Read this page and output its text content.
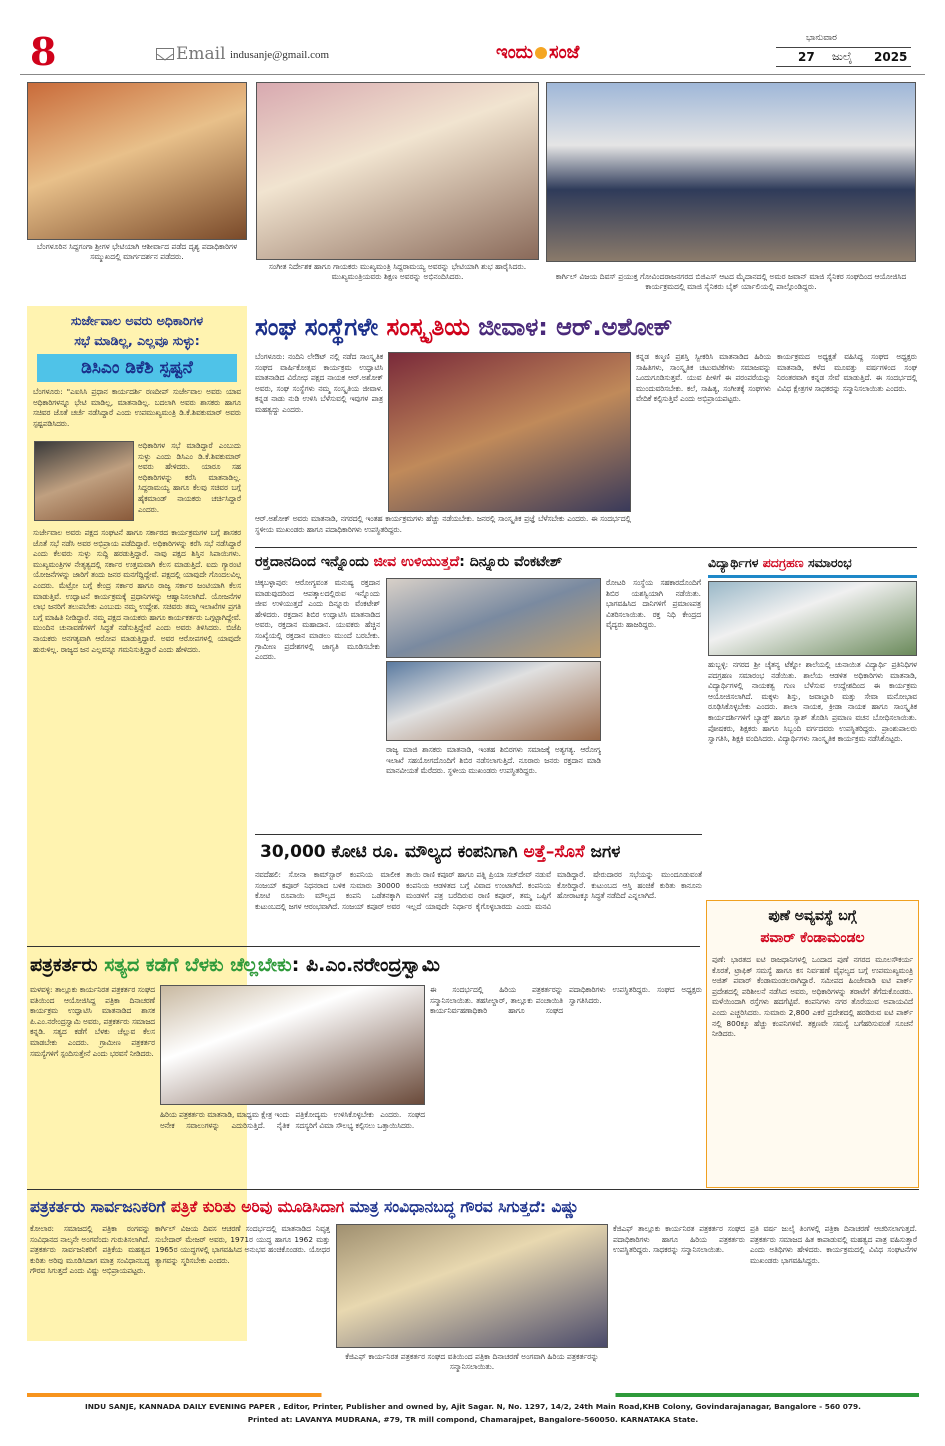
8	Email indusanje@gmail.com	ಇಂದು ಸಂಜೆ
ಭಾನುವಾರ
27 ಜುಲೈ 2025
ಬೆಂಗಳೂರಿನ ಸಿದ್ದಗಂಗಾ ಶ್ರೀಗಳ ಭೇಟಿಯಾಗಿ ಆಶೀರ್ವಾದ ಪಡೆದ ದೃಶ್ಯ ಪದಾಧಿಕಾರಿಗಳ ಸಮ್ಮುಖದಲ್ಲಿ ಮಾರ್ಗದರ್ಶನ ಪಡೆದರು.
ಸಂಗೀತ ನಿರ್ದೇಶಕ ಹಾಗೂ ಗಾಯಕರು ಮುಖ್ಯಮಂತ್ರಿ ಸಿದ್ದರಾಮಯ್ಯ ಅವರನ್ನು ಭೇಟಿಯಾಗಿ ಶುಭ ಹಾರೈಸಿದರು. ಮುಖ್ಯಮಂತ್ರಿಯವರು ಶಿಕ್ಷಣ ಅವರನ್ನು ಅಭಿನಂದಿಸಿದರು.	ಕಾರ್ಗಿಲ್ ವಿಜಯ ದಿವಸ್ ಪ್ರಯುಕ್ತ ಗೋವಿಂದರಾಜನಗರದ ಬಿಜಿಎಸ್ ಆಟದ ಮೈದಾನದಲ್ಲಿ ಅಮರ ಜವಾನ್ ಮಾಜಿ ಸೈನಿಕರ ಸಂಘದಿಂದ ಆಯೋಜಿಸಿದ ಕಾರ್ಯಕ್ರಮದಲ್ಲಿ ಮಾಜಿ ಸೈನಿಕರು ಬೈಕ್ ರ್ಯಾಲಿಯಲ್ಲಿ ಪಾಲ್ಗೊಂಡಿದ್ದರು.
ಸುರ್ಜೇವಾಲ ಅವರು ಅಧಿಕಾರಿಗಳ
ಸಭೆ ಮಾಡಿಲ್ಲ, ಎಲ್ಲವೂ ಸುಳ್ಳು:
ಡಿಸಿಎಂ ಡಿಕೆಶಿ ಸ್ಪಷ್ಟನೆ
ಬೆಂಗಳೂರು: "ಎಐಸಿಸಿ ಪ್ರಧಾನ ಕಾರ್ಯದರ್ಶಿ ರಣದೀಪ್ ಸುರ್ಜೇವಾಲ ಅವರು ಯಾವ ಅಧಿಕಾರಿಗಳನ್ನೂ ಭೇಟಿ ಮಾಡಿಲ್ಲ, ಮಾತನಾಡಿಲ್ಲ. ಬದಲಾಗಿ ಅವರು ಶಾಸಕರು ಹಾಗೂ ಸಚಿವರ ಜೊತೆ ಚರ್ಚೆ ನಡೆಸಿದ್ದಾರೆ ಎಂದು ಉಪಮುಖ್ಯಮಂತ್ರಿ ಡಿ.ಕೆ.ಶಿವಕುಮಾರ್ ಅವರು ಸ್ಪಷ್ಟಪಡಿಸಿದರು.
ಅಧಿಕಾರಿಗಳ ಸಭೆ ಮಾಡಿದ್ದಾರೆ ಎಂಬುದು ಸುಳ್ಳು ಎಂದು ಡಿಸಿಎಂ ಡಿ.ಕೆ.ಶಿವಕುಮಾರ್ ಅವರು ಹೇಳಿದರು. ಯಾರೂ ಸಹ ಅಧಿಕಾರಿಗಳನ್ನು ಕರೆಸಿ ಮಾತನಾಡಿಲ್ಲ. ಸಿದ್ದರಾಮಯ್ಯ ಹಾಗೂ ಕೆಲವು ಸಚಿವರ ಬಗ್ಗೆ ಹೈಕಮಾಂಡ್ ನಾಯಕರು ಚರ್ಚಿಸಿದ್ದಾರೆ ಎಂದರು.
ಸುರ್ಜೇವಾಲ ಅವರು ಪಕ್ಷದ ಸಂಘಟನೆ ಹಾಗೂ ಸರ್ಕಾರದ ಕಾರ್ಯಕ್ರಮಗಳ ಬಗ್ಗೆ ಶಾಸಕರ ಜೊತೆ ಸಭೆ ನಡೆಸಿ ಅವರ ಅಭಿಪ್ರಾಯ ಪಡೆದಿದ್ದಾರೆ. ಅಧಿಕಾರಿಗಳನ್ನು ಕರೆಸಿ ಸಭೆ ನಡೆಸಿದ್ದಾರೆ ಎಂದು ಕೆಲವರು ಸುಳ್ಳು ಸುದ್ದಿ ಹರಡುತ್ತಿದ್ದಾರೆ. ನಾವು ಪಕ್ಷದ ಶಿಸ್ತಿನ ಸಿಪಾಯಿಗಳು. ಮುಖ್ಯಮಂತ್ರಿಗಳ ನೇತೃತ್ವದಲ್ಲಿ ಸರ್ಕಾರ ಉತ್ತಮವಾಗಿ ಕೆಲಸ ಮಾಡುತ್ತಿದೆ. ಐದು ಗ್ಯಾರಂಟಿ ಯೋಜನೆಗಳನ್ನು ಜಾರಿಗೆ ತಂದು ಜನರ ಮನಗೆದ್ದಿದ್ದೇವೆ. ಪಕ್ಷದಲ್ಲಿ ಯಾವುದೇ ಗೊಂದಲವಿಲ್ಲ ಎಂದರು. ಮೆಟ್ರೋ ಬಗ್ಗೆ ಕೇಂದ್ರ ಸರ್ಕಾರ ಹಾಗೂ ರಾಜ್ಯ ಸರ್ಕಾರ ಜಂಟಿಯಾಗಿ ಕೆಲಸ ಮಾಡುತ್ತಿವೆ. ಉದ್ಘಾಟನೆ ಕಾರ್ಯಕ್ರಮಕ್ಕೆ ಪ್ರಧಾನಿಗಳನ್ನು ಆಹ್ವಾನಿಸಲಾಗಿದೆ. ಯೋಜನೆಗಳ ಲಾಭ ಜನರಿಗೆ ತಲುಪಬೇಕು ಎಂಬುದು ನಮ್ಮ ಉದ್ದೇಶ. ಸಚಿವರು ತಮ್ಮ ಇಲಾಖೆಗಳ ಪ್ರಗತಿ ಬಗ್ಗೆ ಮಾಹಿತಿ ನೀಡಿದ್ದಾರೆ. ನಮ್ಮ ಪಕ್ಷದ ನಾಯಕರು ಹಾಗೂ ಕಾರ್ಯಕರ್ತರು ಒಗ್ಗಟ್ಟಾಗಿದ್ದೇವೆ. ಮುಂದಿನ ಚುನಾವಣೆಗಳಿಗೆ ಸಿದ್ಧತೆ ನಡೆಸುತ್ತಿದ್ದೇವೆ ಎಂದು ಅವರು ತಿಳಿಸಿದರು. ಬಿಜೆಪಿ ನಾಯಕರು ಅನಗತ್ಯವಾಗಿ ಆರೋಪ ಮಾಡುತ್ತಿದ್ದಾರೆ. ಅವರ ಆರೋಪಗಳಲ್ಲಿ ಯಾವುದೇ ಹುರುಳಿಲ್ಲ. ರಾಜ್ಯದ ಜನ ಎಲ್ಲವನ್ನೂ ಗಮನಿಸುತ್ತಿದ್ದಾರೆ ಎಂದು ಹೇಳಿದರು.
ಸಂಘ ಸಂಸ್ಥೆಗಳೇ ಸಂಸ್ಕೃತಿಯ ಜೀವಾಳ: ಆರ್.ಅಶೋಕ್
ಬೆಂಗಳೂರು: ನಂದಿನಿ ಲೇಔಟ್ ನಲ್ಲಿ ನಡೆದ ಸಾಂಸ್ಕೃತಿಕ ಸಂಘದ ವಾರ್ಷಿಕೋತ್ಸವ ಕಾರ್ಯಕ್ರಮ ಉದ್ಘಾಟಿಸಿ ಮಾತನಾಡಿದ ವಿರೋಧ ಪಕ್ಷದ ನಾಯಕ ಆರ್.ಅಶೋಕ್ ಅವರು, ಸಂಘ ಸಂಸ್ಥೆಗಳು ನಮ್ಮ ಸಂಸ್ಕೃತಿಯ ಜೀವಾಳ. ಕನ್ನಡ ನಾಡು ನುಡಿ ಉಳಿಸಿ ಬೆಳೆಸುವಲ್ಲಿ ಇವುಗಳ ಪಾತ್ರ ಮಹತ್ವದ್ದು ಎಂದರು.
ಕನ್ನಡ ಕಣ್ಮಣಿ ಪ್ರಶಸ್ತಿ ಸ್ವೀಕರಿಸಿ ಮಾತನಾಡಿದ ಹಿರಿಯ ಸಾಹಿತಿಗಳು, ಸಾಂಸ್ಕೃತಿಕ ಚಟುವಟಿಕೆಗಳು ಸಮಾಜವನ್ನು ಒಂದುಗೂಡಿಸುತ್ತವೆ. ಯುವ ಪೀಳಿಗೆ ಈ ಪರಂಪರೆಯನ್ನು ಮುಂದುವರಿಸಬೇಕು. ಕಲೆ, ಸಾಹಿತ್ಯ, ಸಂಗೀತಕ್ಕೆ ಸಂಘಗಳು ವೇದಿಕೆ ಕಲ್ಪಿಸುತ್ತಿವೆ ಎಂದು ಅಭಿಪ್ರಾಯಪಟ್ಟರು.
ಕಾರ್ಯಕ್ರಮದ ಅಧ್ಯಕ್ಷತೆ ವಹಿಸಿದ್ದ ಸಂಘದ ಅಧ್ಯಕ್ಷರು ಮಾತನಾಡಿ, ಕಳೆದ ಮೂವತ್ತು ವರ್ಷಗಳಿಂದ ಸಂಘ ನಿರಂತರವಾಗಿ ಕನ್ನಡ ಸೇವೆ ಮಾಡುತ್ತಿದೆ. ಈ ಸಂದರ್ಭದಲ್ಲಿ ವಿವಿಧ ಕ್ಷೇತ್ರಗಳ ಸಾಧಕರನ್ನು ಸನ್ಮಾನಿಸಲಾಯಿತು ಎಂದರು.
ಆರ್.ಅಶೋಕ್ ಅವರು ಮಾತನಾಡಿ, ನಗರದಲ್ಲಿ ಇಂತಹ ಕಾರ್ಯಕ್ರಮಗಳು ಹೆಚ್ಚು ನಡೆಯಬೇಕು. ಜನರಲ್ಲಿ ಸಾಂಸ್ಕೃತಿಕ ಪ್ರಜ್ಞೆ ಬೆಳೆಸಬೇಕು ಎಂದರು. ಈ ಸಂದರ್ಭದಲ್ಲಿ ಸ್ಥಳೀಯ ಮುಖಂಡರು ಹಾಗೂ ಪದಾಧಿಕಾರಿಗಳು ಉಪಸ್ಥಿತರಿದ್ದರು.
ರಕ್ತದಾನದಿಂದ ಇನ್ನೊಂದು ಜೀವ ಉಳಿಯುತ್ತದೆ: ದಿನ್ನೂರು ವೆಂಕಟೇಶ್
ಚಿಕ್ಕಬಳ್ಳಾಪುರ: ಆರೋಗ್ಯವಂತ ಮನುಷ್ಯ ರಕ್ತದಾನ ಮಾಡುವುದರಿಂದ ಆಪತ್ಕಾಲದಲ್ಲಿರುವ ಇನ್ನೊಂದು ಜೀವ ಉಳಿಯುತ್ತದೆ ಎಂದು ದಿನ್ನೂರು ವೆಂಕಟೇಶ್ ಹೇಳಿದರು. ರಕ್ತದಾನ ಶಿಬಿರ ಉದ್ಘಾಟಿಸಿ ಮಾತನಾಡಿದ ಅವರು, ರಕ್ತದಾನ ಮಹಾದಾನ. ಯುವಕರು ಹೆಚ್ಚಿನ ಸಂಖ್ಯೆಯಲ್ಲಿ ರಕ್ತದಾನ ಮಾಡಲು ಮುಂದೆ ಬರಬೇಕು. ಗ್ರಾಮೀಣ ಪ್ರದೇಶಗಳಲ್ಲಿ ಜಾಗೃತಿ ಮೂಡಿಸಬೇಕು ಎಂದರು.
ರಾಜ್ಯ ಮಾಜಿ ಶಾಸಕರು ಮಾತನಾಡಿ, ಇಂತಹ ಶಿಬಿರಗಳು ಸಮಾಜಕ್ಕೆ ಅತ್ಯಗತ್ಯ. ಆರೋಗ್ಯ ಇಲಾಖೆ ಸಹಯೋಗದೊಂದಿಗೆ ಶಿಬಿರ ನಡೆಸಲಾಗುತ್ತಿದೆ. ನೂರಾರು ಜನರು ರಕ್ತದಾನ ಮಾಡಿ ಮಾನವೀಯತೆ ಮೆರೆದರು. ಸ್ಥಳೀಯ ಮುಖಂಡರು ಉಪಸ್ಥಿತರಿದ್ದರು.
ರೋಟರಿ ಸಂಸ್ಥೆಯ ಸಹಕಾರದೊಂದಿಗೆ ಶಿಬಿರ ಯಶಸ್ವಿಯಾಗಿ ನಡೆಯಿತು. ಭಾಗವಹಿಸಿದ ದಾನಿಗಳಿಗೆ ಪ್ರಮಾಣಪತ್ರ ವಿತರಿಸಲಾಯಿತು. ರಕ್ತ ನಿಧಿ ಕೇಂದ್ರದ ವೈದ್ಯರು ಹಾಜರಿದ್ದರು.
ವಿದ್ಯಾರ್ಥಿಗಳ ಪದಗ್ರಹಣ ಸಮಾರಂಭ
ಹುಬ್ಬಳ್ಳಿ: ನಗರದ ಶ್ರೀ ಚೈತನ್ಯ ಟೆಕ್ನೋ ಶಾಲೆಯಲ್ಲಿ ಚುನಾಯಿತ ವಿದ್ಯಾರ್ಥಿ ಪ್ರತಿನಿಧಿಗಳ ಪದಗ್ರಹಣ ಸಮಾರಂಭ ನಡೆಯಿತು. ಶಾಲೆಯ ಆಡಳಿತ ಅಧಿಕಾರಿಗಳು ಮಾತನಾಡಿ, ವಿದ್ಯಾರ್ಥಿಗಳಲ್ಲಿ ನಾಯಕತ್ವ ಗುಣ ಬೆಳೆಸುವ ಉದ್ದೇಶದಿಂದ ಈ ಕಾರ್ಯಕ್ರಮ ಆಯೋಜಿಸಲಾಗಿದೆ. ಮಕ್ಕಳು ಶಿಸ್ತು, ಜವಾಬ್ದಾರಿ ಮತ್ತು ಸೇವಾ ಮನೋಭಾವ ರೂಢಿಸಿಕೊಳ್ಳಬೇಕು ಎಂದರು. ಶಾಲಾ ನಾಯಕ, ಕ್ರೀಡಾ ನಾಯಕ ಹಾಗೂ ಸಾಂಸ್ಕೃತಿಕ ಕಾರ್ಯದರ್ಶಿಗಳಿಗೆ ಬ್ಯಾಡ್ಜ್ ಹಾಗೂ ಸ್ಯಾಶ್ ತೊಡಿಸಿ ಪ್ರಮಾಣ ವಚನ ಬೋಧಿಸಲಾಯಿತು. ಪೋಷಕರು, ಶಿಕ್ಷಕರು ಹಾಗೂ ಸಿಬ್ಬಂದಿ ವರ್ಗದವರು ಉಪಸ್ಥಿತರಿದ್ದರು. ಪ್ರಾಂಶುಪಾಲರು ಸ್ವಾಗತಿಸಿ, ಶಿಕ್ಷಕಿ ವಂದಿಸಿದರು. ವಿದ್ಯಾರ್ಥಿಗಳು ಸಾಂಸ್ಕೃತಿಕ ಕಾರ್ಯಕ್ರಮ ನಡೆಸಿಕೊಟ್ಟರು.
30,000 ಕೋಟಿ ರೂ. ಮೌಲ್ಯದ ಕಂಪನಿಗಾಗಿ ಅತ್ತೆ–ಸೊಸೆ ಜಗಳ
ನವದೆಹಲಿ: ಸೋನಾ ಕಾಮ್‌ಸ್ಟಾರ್ ಕಂಪನಿಯ ಮಾಲೀಕ ಸಂಜಯ್ ಕಪೂರ್ ನಿಧನರಾದ ಬಳಿಕ ಸುಮಾರು 30000 ಕೋಟಿ ರೂಪಾಯಿ ಮೌಲ್ಯದ ಕಂಪನಿ ಒಡೆತನಕ್ಕಾಗಿ ಕುಟುಂಬದಲ್ಲಿ ಜಗಳ ಆರಂಭವಾಗಿದೆ. ಸಂಜಯ್ ಕಪೂರ್ ಅವರ ತಾಯಿ ರಾಣಿ ಕಪೂರ್ ಹಾಗೂ ಪತ್ನಿ ಪ್ರಿಯಾ ಸಚ್‌ದೇವ್ ನಡುವೆ ಕಂಪನಿಯ ಆಡಳಿತದ ಬಗ್ಗೆ ವಿವಾದ ಉಂಟಾಗಿದೆ. ಕಂಪನಿಯ ಮಂಡಳಿಗೆ ಪತ್ರ ಬರೆದಿರುವ ರಾಣಿ ಕಪೂರ್, ತಮ್ಮ ಒಪ್ಪಿಗೆ ಇಲ್ಲದೆ ಯಾವುದೇ ನಿರ್ಧಾರ ಕೈಗೊಳ್ಳಬಾರದು ಎಂದು ಮನವಿ ಮಾಡಿದ್ದಾರೆ. ಷೇರುದಾರರ ಸಭೆಯನ್ನು ಮುಂದೂಡುವಂತೆ ಕೋರಿದ್ದಾರೆ. ಕುಟುಂಬದ ಆಸ್ತಿ ಹಂಚಿಕೆ ಕುರಿತು ಕಾನೂನು ಹೋರಾಟಕ್ಕೂ ಸಿದ್ಧತೆ ನಡೆದಿದೆ ಎನ್ನಲಾಗಿದೆ.
ಪುಣೆ ಅವ್ಯವಸ್ಥೆ ಬಗ್ಗೆ
ಪವಾರ್ ಕೆಂಡಾಮಂಡಲ
ಪುಣೆ: ಭಾರತದ ಐಟಿ ರಾಜಧಾನಿಗಳಲ್ಲಿ ಒಂದಾದ ಪುಣೆ ನಗರದ ಮೂಲಸೌಕರ್ಯ ಕೊರತೆ, ಟ್ರಾಫಿಕ್ ಸಮಸ್ಯೆ ಹಾಗೂ ಕಸ ನಿರ್ವಹಣೆ ವೈಫಲ್ಯದ ಬಗ್ಗೆ ಉಪಮುಖ್ಯಮಂತ್ರಿ ಅಜಿತ್ ಪವಾರ್ ಕೆಂಡಾಮಂಡಲರಾಗಿದ್ದಾರೆ. ಸಮೀಪದ ಹಿಂಜೇವಾಡಿ ಐಟಿ ಪಾರ್ಕ್ ಪ್ರದೇಶದಲ್ಲಿ ಪರಿಶೀಲನೆ ನಡೆಸಿದ ಅವರು, ಅಧಿಕಾರಿಗಳನ್ನು ತರಾಟೆಗೆ ತೆಗೆದುಕೊಂಡರು. ಮಳೆಯಿಂದಾಗಿ ರಸ್ತೆಗಳು ಹದಗೆಟ್ಟಿವೆ. ಕಂಪನಿಗಳು ನಗರ ತೊರೆಯುವ ಅಪಾಯವಿದೆ ಎಂದು ಎಚ್ಚರಿಸಿದರು. ಸುಮಾರು 2,800 ಎಕರೆ ಪ್ರದೇಶದಲ್ಲಿ ಹರಡಿರುವ ಐಟಿ ಪಾರ್ಕ್ ನಲ್ಲಿ 800ಕ್ಕೂ ಹೆಚ್ಚು ಕಂಪನಿಗಳಿವೆ. ತಕ್ಷಣವೇ ಸಮಸ್ಯೆ ಬಗೆಹರಿಸುವಂತೆ ಸೂಚನೆ ನೀಡಿದರು.
ಪತ್ರಕರ್ತರು ಸತ್ಯದ ಕಡೆಗೆ ಬೆಳಕು ಚೆಲ್ಲಬೇಕು: ಪಿ.ಎಂ.ನರೇಂದ್ರಸ್ವಾಮಿ
ಮಳವಳ್ಳಿ: ತಾಲ್ಲೂಕು ಕಾರ್ಯನಿರತ ಪತ್ರಕರ್ತರ ಸಂಘದ ವತಿಯಿಂದ ಆಯೋಜಿಸಿದ್ದ ಪತ್ರಿಕಾ ದಿನಾಚರಣೆ ಕಾರ್ಯಕ್ರಮ ಉದ್ಘಾಟಿಸಿ ಮಾತನಾಡಿದ ಶಾಸಕ ಪಿ.ಎಂ.ನರೇಂದ್ರಸ್ವಾಮಿ ಅವರು, ಪತ್ರಕರ್ತರು ಸಮಾಜದ ಕನ್ನಡಿ. ಸತ್ಯದ ಕಡೆಗೆ ಬೆಳಕು ಚೆಲ್ಲುವ ಕೆಲಸ ಮಾಡಬೇಕು ಎಂದರು. ಗ್ರಾಮೀಣ ಪತ್ರಕರ್ತರ ಸಮಸ್ಯೆಗಳಿಗೆ ಸ್ಪಂದಿಸುತ್ತೇನೆ ಎಂದು ಭರವಸೆ ನೀಡಿದರು.
ಹಿರಿಯ ಪತ್ರಕರ್ತರು ಮಾತನಾಡಿ, ಮಾಧ್ಯಮ ಕ್ಷೇತ್ರ ಇಂದು ಅನೇಕ ಸವಾಲುಗಳನ್ನು ಎದುರಿಸುತ್ತಿದೆ. ನೈತಿಕ ಪತ್ರಿಕೋದ್ಯಮ ಉಳಿಸಿಕೊಳ್ಳಬೇಕು ಎಂದರು. ಸಂಘದ ಸದಸ್ಯರಿಗೆ ವಿಮಾ ಸೌಲಭ್ಯ ಕಲ್ಪಿಸಲು ಒತ್ತಾಯಿಸಿದರು.
ಈ ಸಂದರ್ಭದಲ್ಲಿ ಹಿರಿಯ ಪತ್ರಕರ್ತರನ್ನು ಸನ್ಮಾನಿಸಲಾಯಿತು. ತಹಸೀಲ್ದಾರ್, ತಾಲ್ಲೂಕು ಪಂಚಾಯಿತಿ ಕಾರ್ಯನಿರ್ವಹಣಾಧಿಕಾರಿ ಹಾಗೂ ಸಂಘದ ಪದಾಧಿಕಾರಿಗಳು ಉಪಸ್ಥಿತರಿದ್ದರು. ಸಂಘದ ಅಧ್ಯಕ್ಷರು ಸ್ವಾಗತಿಸಿದರು.
ಪತ್ರಕರ್ತರು ಸಾರ್ವಜನಿಕರಿಗೆ ಪತ್ರಿಕೆ ಕುರಿತು ಅರಿವು ಮೂಡಿಸಿದಾಗ ಮಾತ್ರ ಸಂವಿಧಾನಬದ್ಧ ಗೌರವ ಸಿಗುತ್ತದೆ: ವಿಷ್ಣು
ಕೋಲಾರ: ಸಮಾಜದಲ್ಲಿ ಪತ್ರಿಕಾ ರಂಗವನ್ನು ಸಂವಿಧಾನದ ನಾಲ್ಕನೇ ಅಂಗವೆಂದು ಗುರುತಿಸಲಾಗಿದೆ. ಪತ್ರಕರ್ತರು ಸಾರ್ವಜನಿಕರಿಗೆ ಪತ್ರಿಕೆಯ ಮಹತ್ವದ ಕುರಿತು ಅರಿವು ಮೂಡಿಸಿದಾಗ ಮಾತ್ರ ಸಂವಿಧಾನಬದ್ಧ ಗೌರವ ಸಿಗುತ್ತದೆ ಎಂದು ವಿಷ್ಣು ಅಭಿಪ್ರಾಯಪಟ್ಟರು.
ಕಾರ್ಗಿಲ್ ವಿಜಯ ದಿವಸ ಆಚರಣೆ ಸಂದರ್ಭದಲ್ಲಿ ಮಾತನಾಡಿದ ನಿವೃತ್ತ ಸುಬೇದಾರ್ ಮೇಜರ್ ಅವರು, 1971ರ ಯುದ್ಧ ಹಾಗೂ 1962 ಮತ್ತು 1965ರ ಯುದ್ಧಗಳಲ್ಲಿ ಭಾಗವಹಿಸಿದ ಅನುಭವ ಹಂಚಿಕೊಂಡರು. ಯೋಧರ ತ್ಯಾಗವನ್ನು ಸ್ಮರಿಸಬೇಕು ಎಂದರು.
ಕೆಜಿಎಫ್ ಕಾರ್ಯನಿರತ ಪತ್ರಕರ್ತರ ಸಂಘದ ವತಿಯಿಂದ ಪತ್ರಿಕಾ ದಿನಾಚರಣೆ ಅಂಗವಾಗಿ ಹಿರಿಯ ಪತ್ರಕರ್ತರನ್ನು ಸನ್ಮಾನಿಸಲಾಯಿತು.
ಕೆಜಿಎಫ್ ತಾಲ್ಲೂಕು ಕಾರ್ಯನಿರತ ಪತ್ರಕರ್ತರ ಸಂಘದ ಪದಾಧಿಕಾರಿಗಳು ಹಾಗೂ ಹಿರಿಯ ಪತ್ರಕರ್ತರು ಉಪಸ್ಥಿತರಿದ್ದರು. ಸಾಧಕರನ್ನು ಸನ್ಮಾನಿಸಲಾಯಿತು.
ಪ್ರತಿ ವರ್ಷ ಜುಲೈ ತಿಂಗಳಲ್ಲಿ ಪತ್ರಿಕಾ ದಿನಾಚರಣೆ ಆಚರಿಸಲಾಗುತ್ತದೆ. ಪತ್ರಕರ್ತರು ಸಮಾಜದ ಹಿತ ಕಾಪಾಡುವಲ್ಲಿ ಮಹತ್ವದ ಪಾತ್ರ ವಹಿಸುತ್ತಾರೆ ಎಂದು ಅತಿಥಿಗಳು ಹೇಳಿದರು. ಕಾರ್ಯಕ್ರಮದಲ್ಲಿ ವಿವಿಧ ಸಂಘಟನೆಗಳ ಮುಖಂಡರು ಭಾಗವಹಿಸಿದ್ದರು.
INDU SANJE, KANNADA DAILY EVENING PAPER , Editor, Printer, Publisher and owned by, Ajit Sagar. N, No. 1297, 14/2, 24th Main Road,KHB Colony, Govindarajanagar, Bangalore - 560 079.
Printed at: LAVANYA MUDRANA, #79, TR mill compond, Chamarajpet, Bangalore-560050. KARNATAKA State.
